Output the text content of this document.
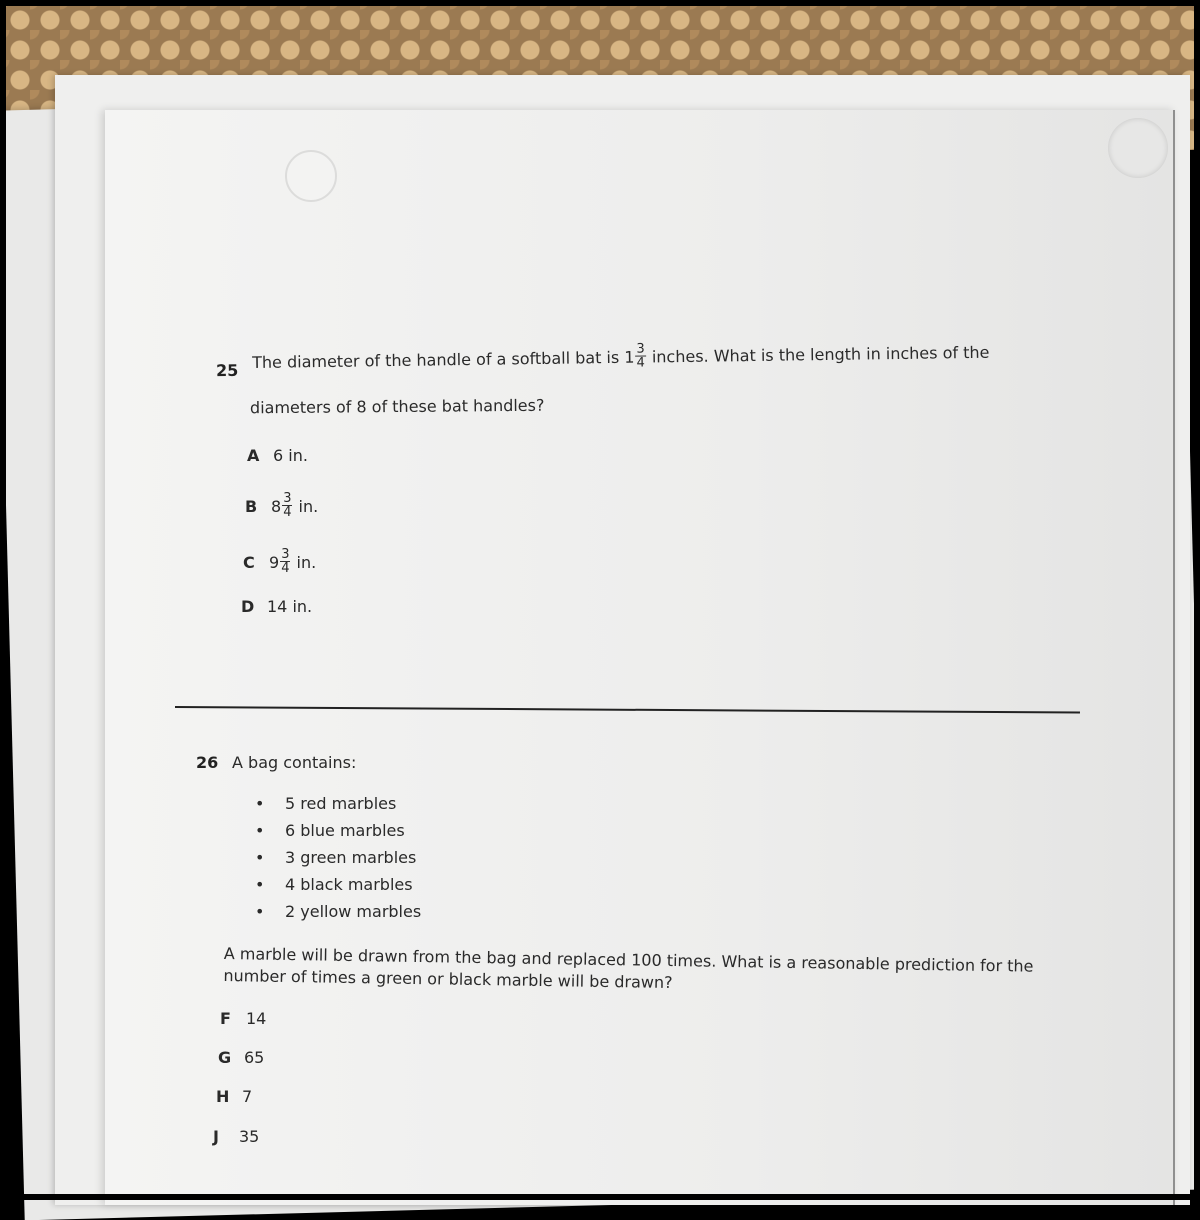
25 The diameter of the handle of a softball bat is $1 \frac{3}{4}$ inches. What is the length in inches of the
diameters of 8 of these bat handles?
A 6 in.
B $8 \frac{3}{4}$ in.
C $9 \frac{3}{4}$ in.
D 14 in.
26 A bag contains:
• 5 red marbles
• 6 blue marbles
• 3 green marbles
• 4 black marbles
• 2 yellow marbles
A marble will be drawn from the bag and replaced 100 times. What is a reasonable prediction for the number of times a green or black marble will be drawn?
F 14
G 65
H 7
J 35
